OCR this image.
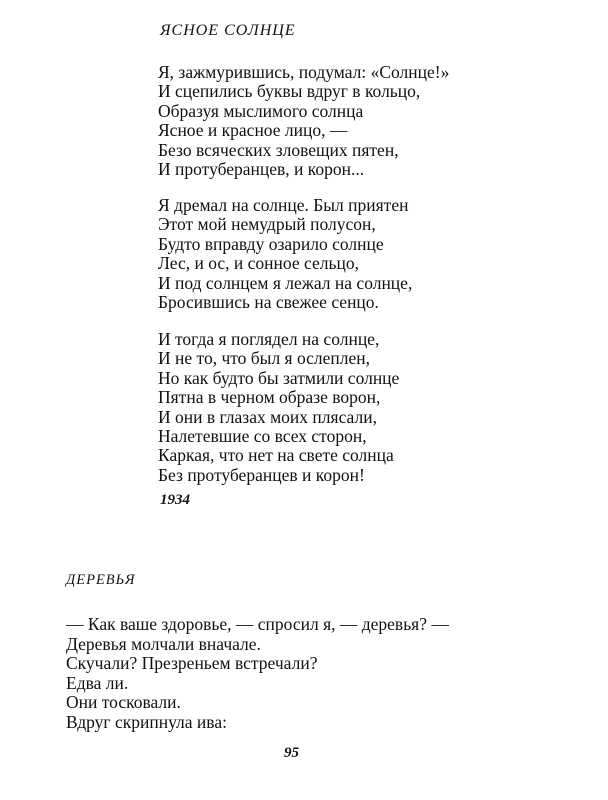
ЯСНОЕ СОЛНЦЕ
Я, зажмурившись, подумал: «Солнце!»
И сцепились буквы вдруг в кольцо,
Образуя мыслимого солнца
Ясное и красное лицо, —
Безо всяческих зловещих пятен,
И протуберанцев, и корон...
Я дремал на солнце. Был приятен
Этот мой немудрый полусон,
Будто вправду озарило солнце
Лес, и ос, и сонное сельцо,
И под солнцем я лежал на солнце,
Бросившись на свежее сенцо.
И тогда я поглядел на солнце,
И не то, что был я ослеплен,
Но как будто бы затмили солнце
Пятна в черном образе ворон,
И они в глазах моих плясали,
Налетевшие со всех сторон,
Каркая, что нет на свете солнца
Без протуберанцев и корон!
1934
ДЕРЕВЬЯ
— Как ваше здоровье, — спросил я, — деревья? —
Деревья молчали вначале.
Скучали? Презреньем встречали?
Едва ли.
Они тосковали.
Вдруг скрипнула ива:
95
